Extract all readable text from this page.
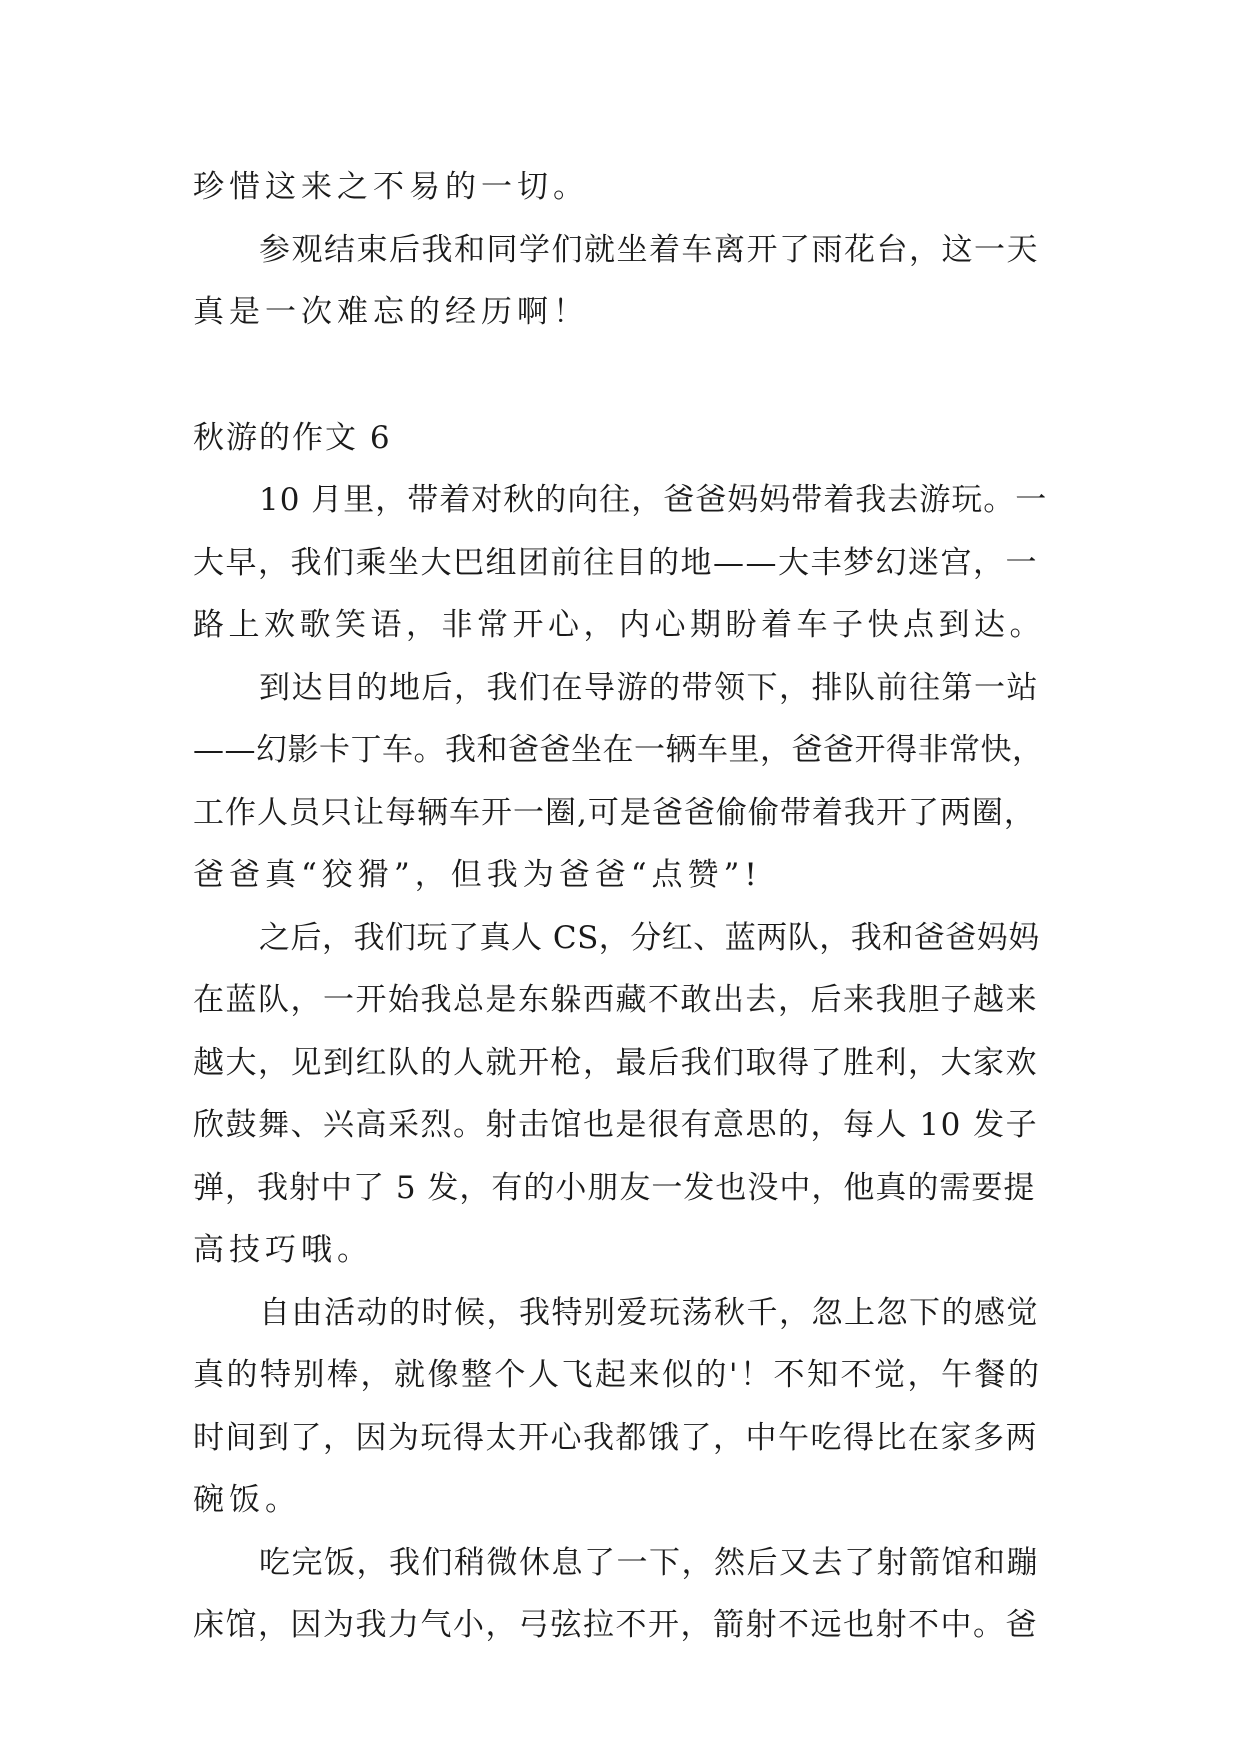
珍惜这来之不易的一切。
参观结束后我和同学们就坐着车离开了雨花台，这一天
真是一次难忘的经历啊！
秋游的作文 6
10 月里，带着对秋的向往，爸爸妈妈带着我去游玩。一
大早，我们乘坐大巴组团前往目的地——大丰梦幻迷宫，一
路上欢歌笑语，非常开心，内心期盼着车子快点到达。
到达目的地后，我们在导游的带领下，排队前往第一站
——幻影卡丁车。我和爸爸坐在一辆车里，爸爸开得非常快，
工作人员只让每辆车开一圈,可是爸爸偷偷带着我开了两圈，
爸爸真“狡猾”，但我为爸爸“点赞”!
之后，我们玩了真人 CS，分红、蓝两队，我和爸爸妈妈
在蓝队，一开始我总是东躲西藏不敢出去，后来我胆子越来
越大，见到红队的人就开枪，最后我们取得了胜利，大家欢
欣鼓舞、兴高采烈。射击馆也是很有意思的，每人 10 发子
弹，我射中了 5 发，有的小朋友一发也没中，他真的需要提
高技巧哦。
自由活动的时候，我特别爱玩荡秋千，忽上忽下的感觉
真的特别棒，就像整个人飞起来似的'！不知不觉，午餐的
时间到了，因为玩得太开心我都饿了，中午吃得比在家多两
碗饭。
吃完饭，我们稍微休息了一下，然后又去了射箭馆和蹦
床馆，因为我力气小，弓弦拉不开，箭射不远也射不中。爸
